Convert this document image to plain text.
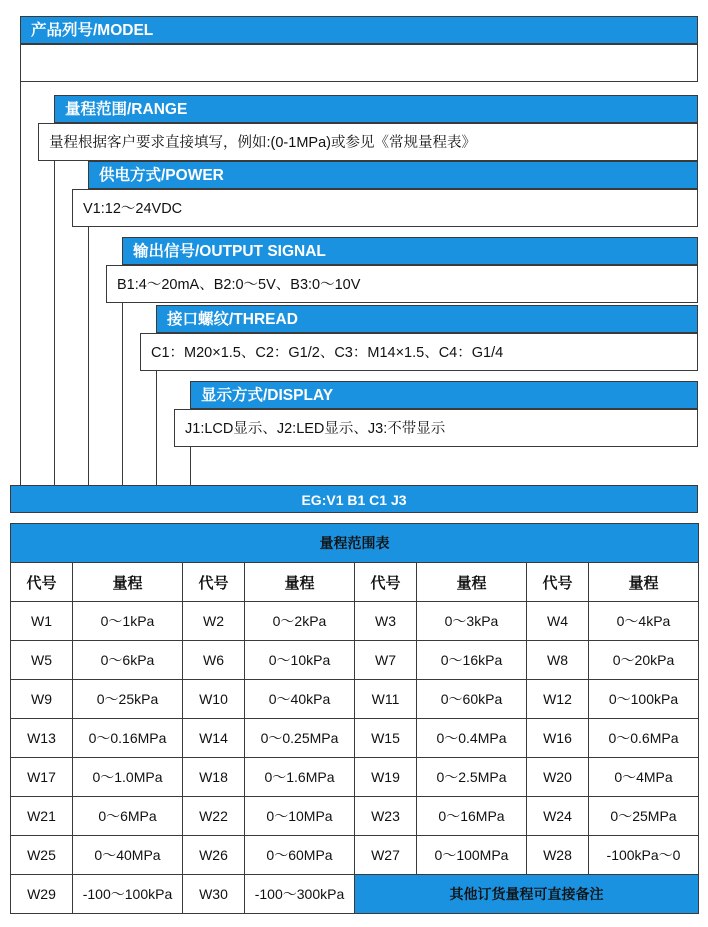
产品列号/MODEL
量程范围/RANGE
量程根据客户要求直接填写，例如:(0-1MPa)或参见《常规量程表》
供电方式/POWER
V1:12～24VDC
输出信号/OUTPUT SIGNAL
B1:4～20mA、B2:0～5V、B3:0～10V
接口螺纹/THREAD
C1：M20×1.5、C2：G1/2、C3：M14×1.5、C4：G1/4
显示方式/DISPLAY
J1:LCD显示、J2:LED显示、J3:不带显示
EG:V1 B1 C1 J3
量程范围表							
代号	量程	代号	量程	代号	量程	代号	量程
W1	0～1kPa	W2	0～2kPa	W3	0～3kPa	W4	0～4kPa
W5	0～6kPa	W6	0～10kPa	W7	0～16kPa	W8	0～20kPa
W9	0～25kPa	W10	0～40kPa	W11	0～60kPa	W12	0～100kPa
W13	0～0.16MPa	W14	0～0.25MPa	W15	0～0.4MPa	W16	0～0.6MPa
W17	0～1.0MPa	W18	0～1.6MPa	W19	0～2.5MPa	W20	0～4MPa
W21	0～6MPa	W22	0～10MPa	W23	0～16MPa	W24	0～25MPa
W25	0～40MPa	W26	0～60MPa	W27	0～100MPa	W28	-100kPa～0
W29	-100～100kPa	W30	-100～300kPa	其他订货量程可直接备注			
